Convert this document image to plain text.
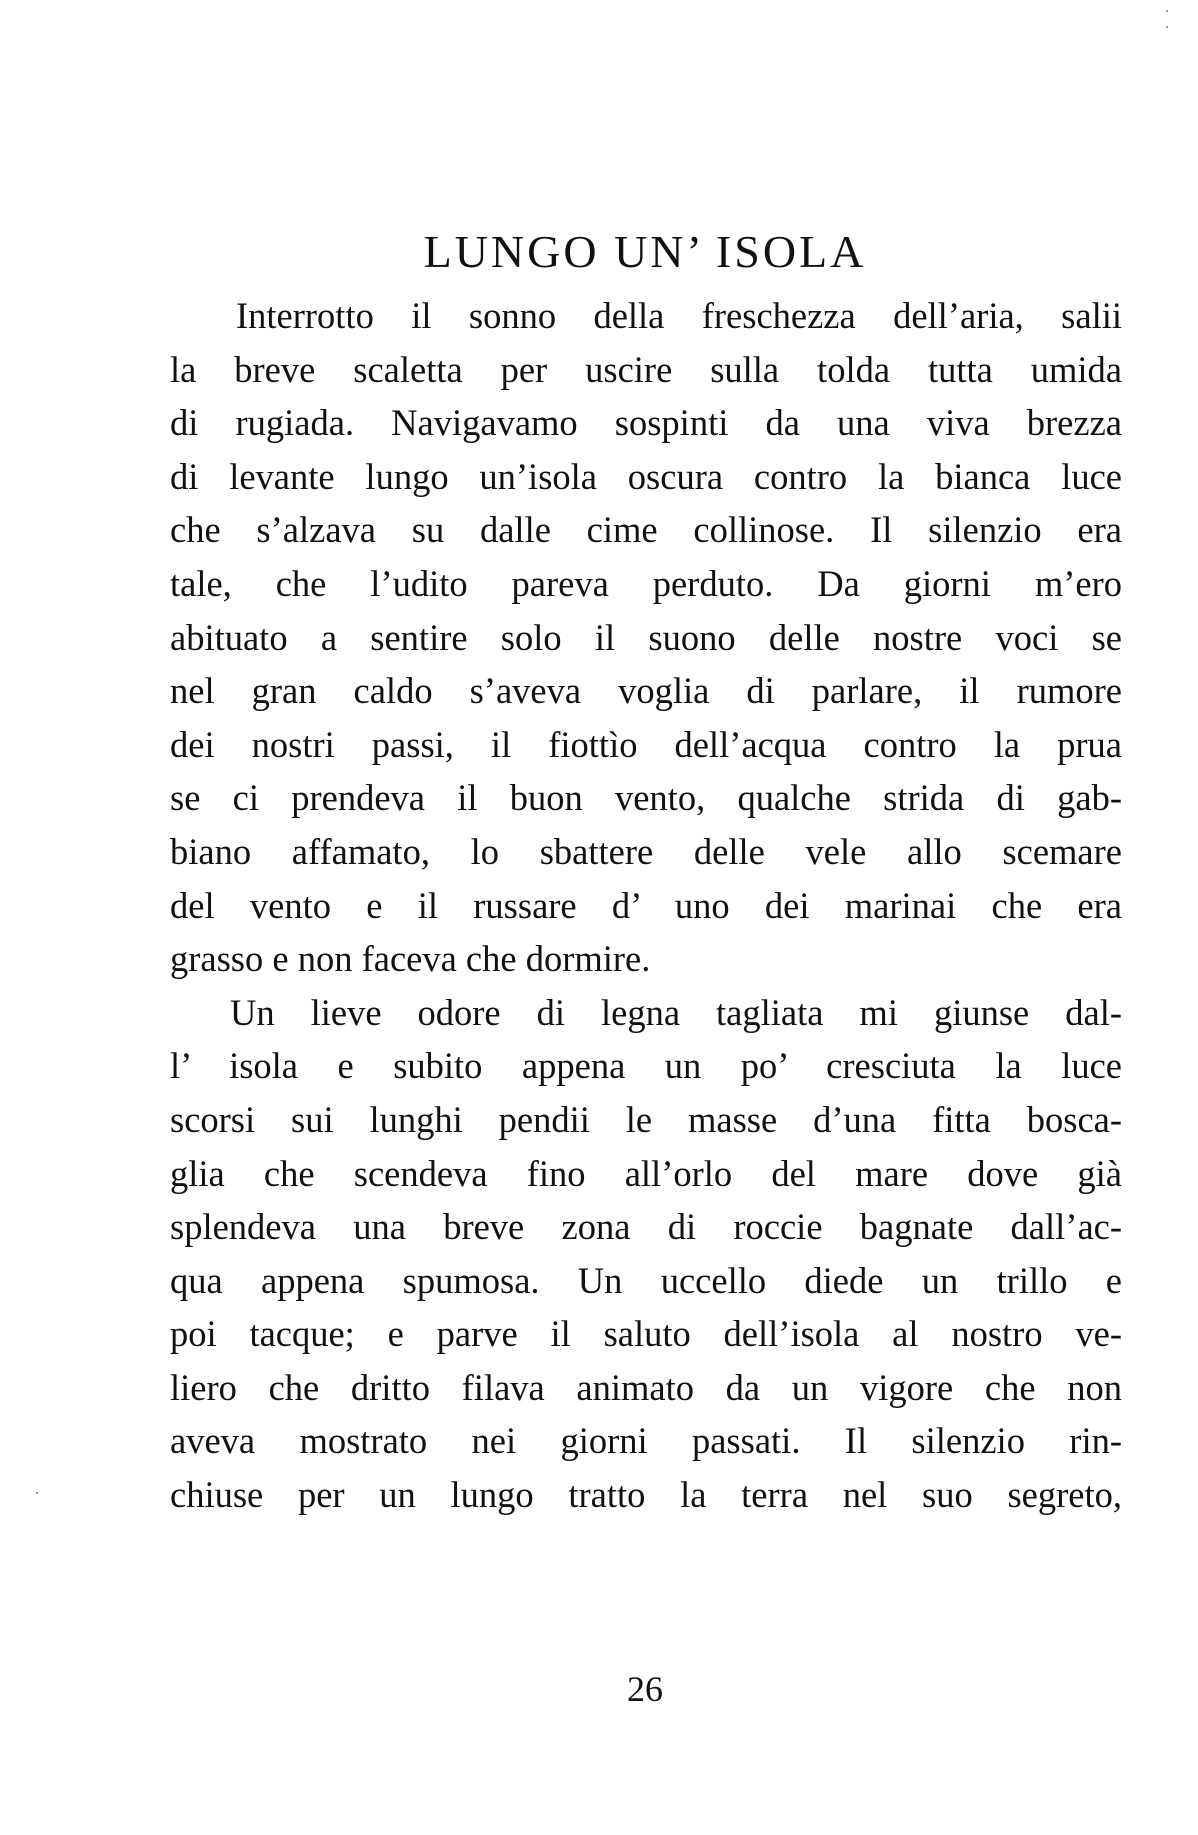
LUNGO UN’ ISOLA
Interrotto il sonno della freschezza dell’aria, salii
la breve scaletta per uscire sulla tolda tutta umida
di rugiada. Navigavamo sospinti da una viva brezza
di levante lungo un’isola oscura contro la bianca luce
che s’alzava su dalle cime collinose. Il silenzio era
tale, che l’udito pareva perduto. Da giorni m’ero
abituato a sentire solo il suono delle nostre voci se
nel gran caldo s’aveva voglia di parlare, il rumore
dei nostri passi, il fiottìo dell’acqua contro la prua
se ci prendeva il buon vento, qualche strida di gab-
biano affamato, lo sbattere delle vele allo scemare
del vento e il russare d’ uno dei marinai che era
grasso e non faceva che dormire.
Un lieve odore di legna tagliata mi giunse dal-
l’ isola e subito appena un po’ cresciuta la luce
scorsi sui lunghi pendii le masse d’una fitta bosca-
glia che scendeva fino all’orlo del mare dove già
splendeva una breve zona di roccie bagnate dall’ac-
qua appena spumosa. Un uccello diede un trillo e
poi tacque; e parve il saluto dell’isola al nostro ve-
liero che dritto filava animato da un vigore che non
aveva mostrato nei giorni passati. Il silenzio rin-
chiuse per un lungo tratto la terra nel suo segreto,
26
